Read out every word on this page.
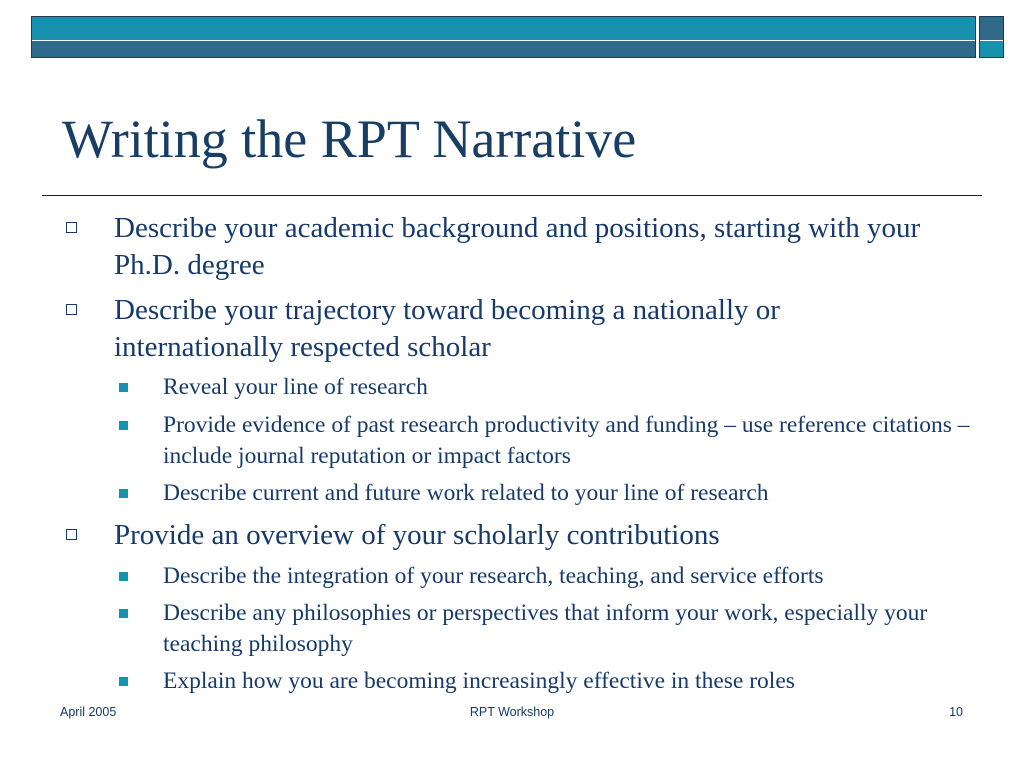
Writing the RPT Narrative
Describe your academic background and positions, starting with your Ph.D. degree
Describe your trajectory toward becoming a nationally or internationally respected scholar
Reveal your line of research
Provide evidence of past research productivity and funding – use reference citations – include journal reputation or impact factors
Describe current and future work related to your line of research
Provide an overview of your scholarly contributions
Describe the integration of your research, teaching, and service efforts
Describe any philosophies or perspectives that inform your work, especially your teaching philosophy
Explain how you are becoming increasingly effective in these roles
April 2005	RPT Workshop	10
